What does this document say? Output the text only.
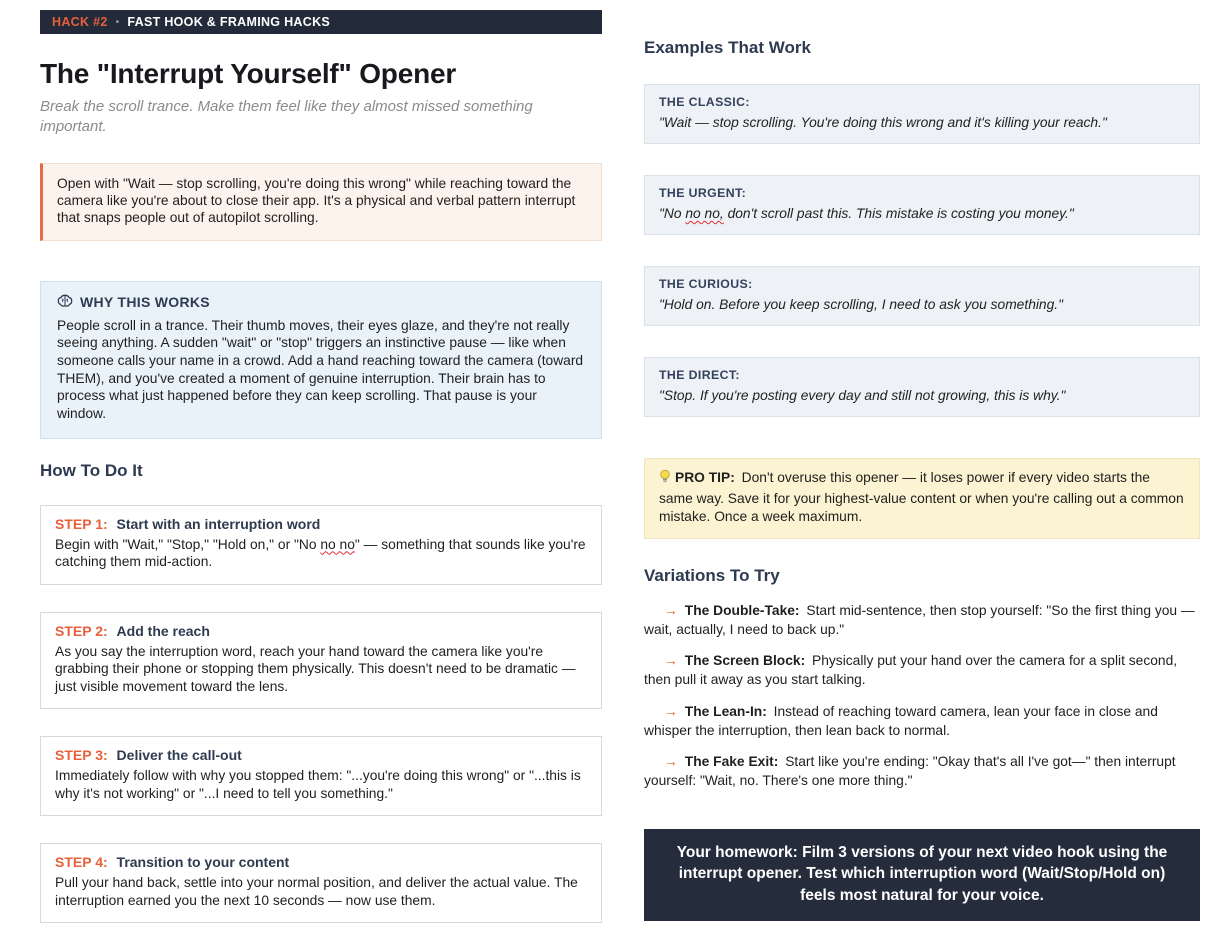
HACK #2 • FAST HOOK & FRAMING HACKS
The "Interrupt Yourself" Opener

Break the scroll trance. Make them feel like they almost missed something important.

Open with "Wait — stop scrolling, you're doing this wrong" while reaching toward the camera like you're about to close their app. It's a physical and verbal pattern interrupt that snaps people out of autopilot scrolling.
WHY THIS WORKS
People scroll in a trance. Their thumb moves, their eyes glaze, and they're not really seeing anything. A sudden "wait" or "stop" triggers an instinctive pause — like when someone calls your name in a crowd. Add a hand reaching toward the camera (toward THEM), and you've created a moment of genuine interruption. Their brain has to process what just happened before they can keep scrolling. That pause is your window.
How To Do It
STEP 1: Start with an interruption word
Begin with "Wait," "Stop," "Hold on," or "No no no" — something that sounds like you're catching them mid-action.
STEP 2: Add the reach
As you say the interruption word, reach your hand toward the camera like you're grabbing their phone or stopping them physically. This doesn't need to be dramatic — just visible movement toward the lens.
STEP 3: Deliver the call-out
Immediately follow with why you stopped them: "...you're doing this wrong" or "...this is why it's not working" or "...I need to tell you something."
STEP 4: Transition to your content
Pull your hand back, settle into your normal position, and deliver the actual value. The interruption earned you the next 10 seconds — now use them.
Examples That Work
THE CLASSIC:
"Wait — stop scrolling. You're doing this wrong and it's killing your reach."
THE URGENT:
"No no no, don't scroll past this. This mistake is costing you money."
THE CURIOUS:
"Hold on. Before you keep scrolling, I need to ask you something."
THE DIRECT:
"Stop. If you're posting every day and still not growing, this is why."
PRO TIP: Don't overuse this opener — it loses power if every video starts the same way. Save it for your highest-value content or when you're calling out a common mistake. Once a week maximum.
Variations To Try

→ The Double-Take: Start mid-sentence, then stop yourself: "So the first thing you — wait, actually, I need to back up."

→ The Screen Block: Physically put your hand over the camera for a split second, then pull it away as you start talking.

→ The Lean-In: Instead of reaching toward camera, lean your face in close and whisper the interruption, then lean back to normal.

→ The Fake Exit: Start like you're ending: "Okay that's all I've got—" then interrupt yourself: "Wait, no. There's one more thing."

Your homework: Film 3 versions of your next video hook using the interrupt opener. Test which interruption word (Wait/Stop/Hold on) feels most natural for your voice.
